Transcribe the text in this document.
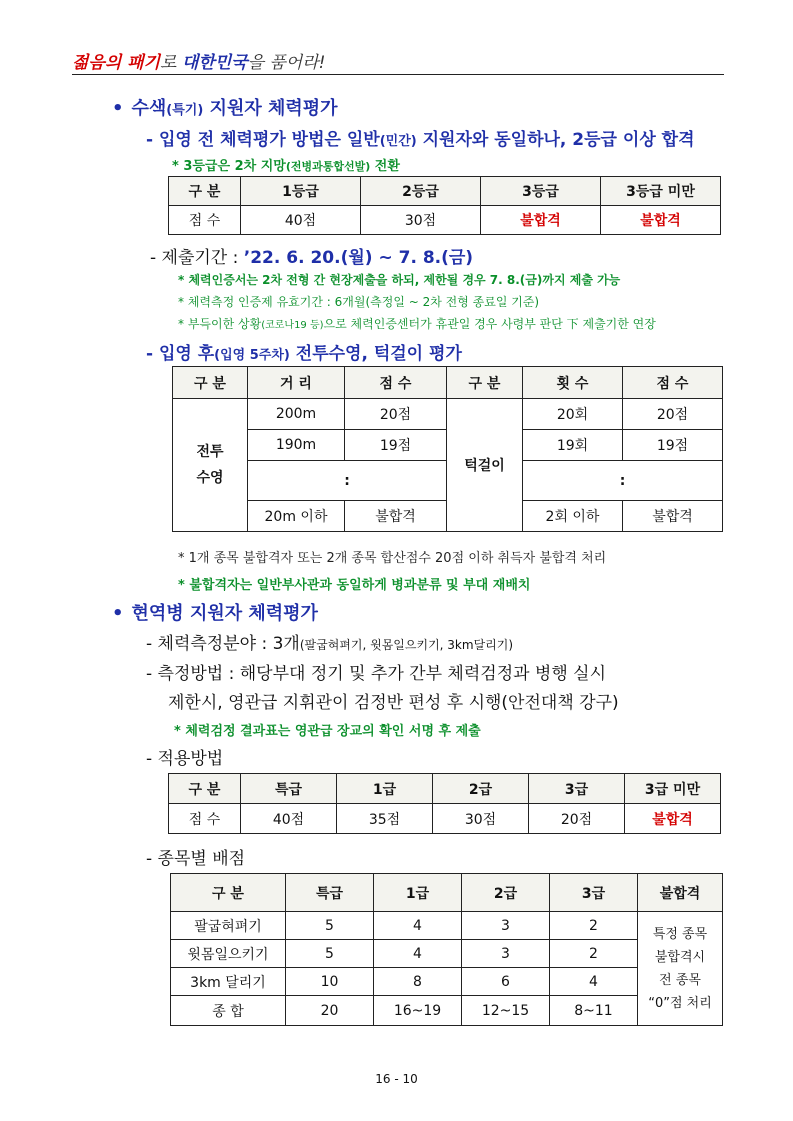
젊음의 패기로 대한민국을 품어라!
• 수색(특기) 지원자 체력평가
- 입영 전 체력평가 방법은 일반(민간) 지원자와 동일하나, 2등급 이상 합격
* 3등급은 2차 지망(전병과통합선발) 전환
구 분	1등급	2등급	3등급	3등급 미만
점 수	40점	30점	불합격	불합격
- 제출기간 : ’22. 6. 20.(월) ~ 7. 8.(금)
* 체력인증서는 2차 전형 간 현장제출을 하되, 제한될 경우 7. 8.(금)까지 제출 가능
* 체력측정 인증제 유효기간 : 6개월(측정일 ~ 2차 전형 종료일 기준)
* 부득이한 상황(코로나19 등)으로 체력인증센터가 휴관일 경우 사령부 판단 下 제출기한 연장
- 입영 후(입영 5주차) 전투수영, 턱걸이 평가
구 분	거 리	점 수	구 분	횟 수	점 수
전투
수영	200m	20점	턱걸이	20회	20점
	190m	19점		19회	19점
	:			:	
	20m 이하	불합격		2회 이하	불합격
* 1개 종목 불합격자 또는 2개 종목 합산점수 20점 이하 취득자 불합격 처리
* 불합격자는 일반부사관과 동일하게 병과분류 및 부대 재배치
• 현역병 지원자 체력평가
- 체력측정분야 : 3개(팔굽혀펴기, 윗몸일으키기, 3km달리기)
- 측정방법 : 해당부대 정기 및 추가 간부 체력검정과 병행 실시
제한시, 영관급 지휘관이 검정반 편성 후 시행(안전대책 강구)
* 체력검정 결과표는 영관급 장교의 확인 서명 후 제출
- 적용방법
구 분	특급	1급	2급	3급	3급 미만
점 수	40점	35점	30점	20점	불합격
- 종목별 배점
구 분	특급	1급	2급	3급	불합격
팔굽혀펴기	5	4	3	2	특정 종목
불합격시
전 종목
“0”점 처리
윗몸일으키기	5	4	3	2	
3km 달리기	10	8	6	4	
종 합	20	16~19	12~15	8~11	
16 - 10
